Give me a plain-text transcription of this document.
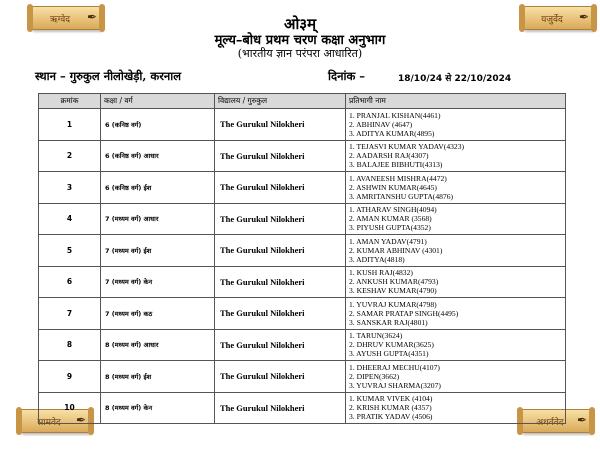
ऋग्वेद ✒	यजुर्वेद ✒
सामवेद ✒	अथर्ववेद ✒
ओ३म्
मूल्य–बोध प्रथम चरण कक्षा अनुभाग
(भारतीय ज्ञान परंपरा आधारित)
स्थान – गुरुकुल नीलोखेड़ी, करनाल	दिनांक –	18/10/24 से 22/10/2024
क्रमांक	कक्षा / वर्ग	विद्यालय / गुरुकुल	प्रतिभागी नाम
1	6 (कनिष्ठ वर्ग)	The Gurukul Nilokheri	1. PRANJAL KISHAN(4461)
2. ABHINAV (4647)
3. ADITYA KUMAR(4895)

2	6 (कनिष्ठ वर्ग) आधार	The Gurukul Nilokheri	1. TEJASVI KUMAR YADAV(4323)
2. AADARSH RAJ(4307)
3. BALAJEE BIBHUTI(4313)

3	6 (कनिष्ठ वर्ग) ईश	The Gurukul Nilokheri	1. AVANEESH MISHRA(4472)
2. ASHWIN KUMAR(4645)
3. AMRITANSHU GUPTA(4876)

4	7 (मध्यम वर्ग) आधार	The Gurukul Nilokheri	1. ATHARAV SINGH(4094)
2. AMAN KUMAR (3568)
3. PIYUSH GUPTA(4352)

5	7 (मध्यम वर्ग) ईश	The Gurukul Nilokheri	1. AMAN YADAV(4791)
2. KUMAR ABHINAV (4301)
3. ADITYA(4818)

6	7 (मध्यम वर्ग) केन	The Gurukul Nilokheri	1. KUSH RAJ(4832)
2. ANKUSH KUMAR(4793)
3. KESHAV KUMAR(4790)

7	7 (मध्यम वर्ग) कठ	The Gurukul Nilokheri	1. YUVRAJ KUMAR(4798)
2. SAMAR PRATAP SINGH(4495)
3. SANSKAR RAJ(4801)

8	8 (मध्यम वर्ग) आधार	The Gurukul Nilokheri	1. TARUN(3624)
2. DHRUV KUMAR(3625)
3. AYUSH GUPTA(4351)

9	8 (मध्यम वर्ग) ईश	The Gurukul Nilokheri	1. DHEERAJ MECHU(4107)
2. DIPEN(3662)
3. YUVRAJ SHARMA(3207)

10	8 (मध्यम वर्ग) केन	The Gurukul Nilokheri	1. KUMAR VIVEK (4104)
2. KRISH KUMAR (4357)
3. PRATIK YADAV (4506)
